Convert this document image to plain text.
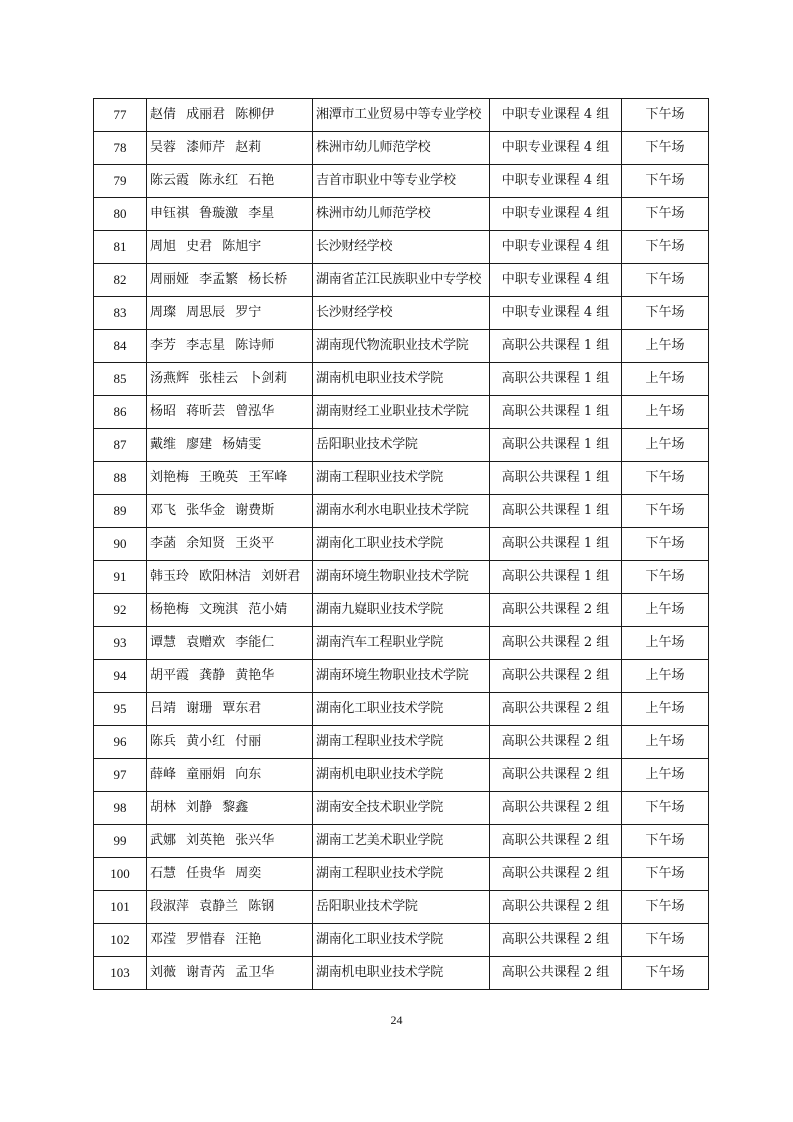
77	赵倩 成丽君 陈柳伊	湘潭市工业贸易中等专业学校	中职专业课程 4 组	下午场
78	吴蓉 漆师芹 赵莉	株洲市幼儿师范学校	中职专业课程 4 组	下午场
79	陈云霞 陈永红 石艳	吉首市职业中等专业学校	中职专业课程 4 组	下午场
80	申钰祺 鲁璇激 李星	株洲市幼儿师范学校	中职专业课程 4 组	下午场
81	周旭 史君 陈旭宇	长沙财经学校	中职专业课程 4 组	下午场
82	周丽娅 李孟繁 杨长桥	湖南省芷江民族职业中专学校	中职专业课程 4 组	下午场
83	周璨 周思辰 罗宁	长沙财经学校	中职专业课程 4 组	下午场
84	李芳 李志星 陈诗师	湖南现代物流职业技术学院	高职公共课程 1 组	上午场
85	汤燕辉 张桂云 卜剑莉	湖南机电职业技术学院	高职公共课程 1 组	上午场
86	杨昭 蒋昕芸 曾泓华	湖南财经工业职业技术学院	高职公共课程 1 组	上午场
87	戴维 廖建 杨婧雯	岳阳职业技术学院	高职公共课程 1 组	上午场
88	刘艳梅 王晚英 王军峰	湖南工程职业技术学院	高职公共课程 1 组	下午场
89	邓飞 张华金 谢费斯	湖南水利水电职业技术学院	高职公共课程 1 组	下午场
90	李菡 余知贤 王炎平	湖南化工职业技术学院	高职公共课程 1 组	下午场
91	韩玉玲 欧阳林洁 刘妍君	湖南环境生物职业技术学院	高职公共课程 1 组	下午场
92	杨艳梅 文琬淇 范小婧	湖南九嶷职业技术学院	高职公共课程 2 组	上午场
93	谭慧 袁赠欢 李能仁	湖南汽车工程职业学院	高职公共课程 2 组	上午场
94	胡平霞 龚静 黄艳华	湖南环境生物职业技术学院	高职公共课程 2 组	上午场
95	吕靖 谢珊 覃东君	湖南化工职业技术学院	高职公共课程 2 组	上午场
96	陈兵 黄小红 付丽	湖南工程职业技术学院	高职公共课程 2 组	上午场
97	薛峰 童丽娟 向东	湖南机电职业技术学院	高职公共课程 2 组	上午场
98	胡林 刘静 黎鑫	湖南安全技术职业学院	高职公共课程 2 组	下午场
99	武娜 刘英艳 张兴华	湖南工艺美术职业学院	高职公共课程 2 组	下午场
100	石慧 任贵华 周奕	湖南工程职业技术学院	高职公共课程 2 组	下午场
101	段淑萍 袁静兰 陈钢	岳阳职业技术学院	高职公共课程 2 组	下午场
102	邓滢 罗惜春 汪艳	湖南化工职业技术学院	高职公共课程 2 组	下午场
103	刘薇 谢青芮 孟卫华	湖南机电职业技术学院	高职公共课程 2 组	下午场
24
